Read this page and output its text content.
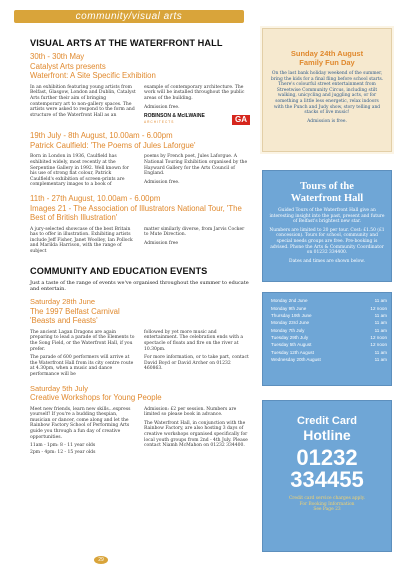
community/visual arts
VISUAL ARTS AT THE WATERFRONT HALL
30th - 30th May
Catalyst Arts presents
Waterfront: A Site Specific Exhibition

In an exhibition featuring young artists from Belfast, Glasgow, London and Dublin, Catalyst Arts further their aim of bringing contemporary art to non-gallery spaces. The artists were asked to respond to the form and structure of the Waterfront Hall as an

example of contemporary architecture. The work will be installed throughout the public areas of the building.

Admission free.

ROBINSON & McILWAINE
ARCHITECTS	GA
19th July - 8th August, 10.00am - 6.00pm
Patrick Caulfield: 'The Poems of Jules Laforgue'

Born in London in 1936, Caulfield has exhibited widely, most recently at the Serpentine Gallery in 1992. Well known for his use of strong flat colour, Patrick Caulfield's exhibition of screen-prints are complementary images to a book of

poems by French poet, Jules Laforgue. A National Touring Exhibition organised by the Hayward Gallery for the Arts Council of England.

Admission free.

11th - 27th August, 10.00am - 6.00pm
Images 21 - The Association of Illustrators National Tour, 'The Best of British Illustration'

A jury-selected showcase of the best Britain has to offer in illustration. Exhibiting artists include Jeff Fisher, Janet Woolley, Ian Pollock and Marilda Harrison, with the range of subject

matter similarly diverse, from Jarvis Cocker to Mute Direction.

Admission free

COMMUNITY AND EDUCATION EVENTS
Just a taste of the range of events we've organised throughout the summer to educate and entertain.
Saturday 28th June
The 1997 Belfast Carnival
'Beasts and Feasts'

The ancient Lagan Dragons are again preparing to lead a parade of the Elements to the Song Field, or the Waterfront Hall, if you prefer.

The parade of 600 performers will arrive at the Waterfront Hall from its city centre route at 4.30pm, when a music and dance performance will be

followed by yet more music and entertainment. The celebration ends with a spectacle of floats and fire on the river at 10.30pm.

For more information, or to take part, contact David Boyd or David Archer on 01232 460863.

Saturday 5th July
Creative Workshops for Young People

Meet new friends, learn new skills...express yourself! If you're a budding thespian, musician or dancer, come along and let the Rainbow Factory School of Performing Arts guide you through a fun day of creative opportunities.

11am - 1pm: 8 - 11 year olds

2pm - 4pm: 12 - 15 year olds

Admission: £2 per session. Numbers are limited so please book in advance.

The Waterfront Hall, in conjunction with the Rainbow Factory, are also hosting 3 days of creative workshops organised specifically for local youth groups from 2nd - 4th July. Please contact Niamh McMahon on 01232 334400.

Sunday 24th August
Family Fun Day
On the last bank holiday weekend of the summer, bring the kids for a final fling before school starts. There's colourful street entertainment from Streetwise Community Circus, including stilt walking, unicycling and juggling acts, or for something a little less energetic, relax indoors with the Punch and Judy show, story telling and stacks of live music!
Admission is free.
Tours of the Waterfront Hall
Guided Tours of the Waterfront Hall give an interesting insight into the past, present and future of Belfast's brightest new star.
Numbers are limited to 20 per tour. Cost: £1.50 (£1 concession). Tours for school, community and special needs groups are free. Pre-booking is advised. Phone the Arts & Community Coordinator on 01232 334400.
Dates and times are shown below.
Monday 2nd June	11 am
Monday 9th June	12 noon
Thursday 19th June	11 am
Monday 23rd June	11 am
Monday 7th July	11 am
Tuesday 29th July	12 noon
Tuesday 5th August	12 noon
Tuesday 12th August	11 am
Wednesday 20th August	11 am
Credit Card
Hotline
01232
334455
Credit card service charges apply.
For Booking Information
See Page 23
29
